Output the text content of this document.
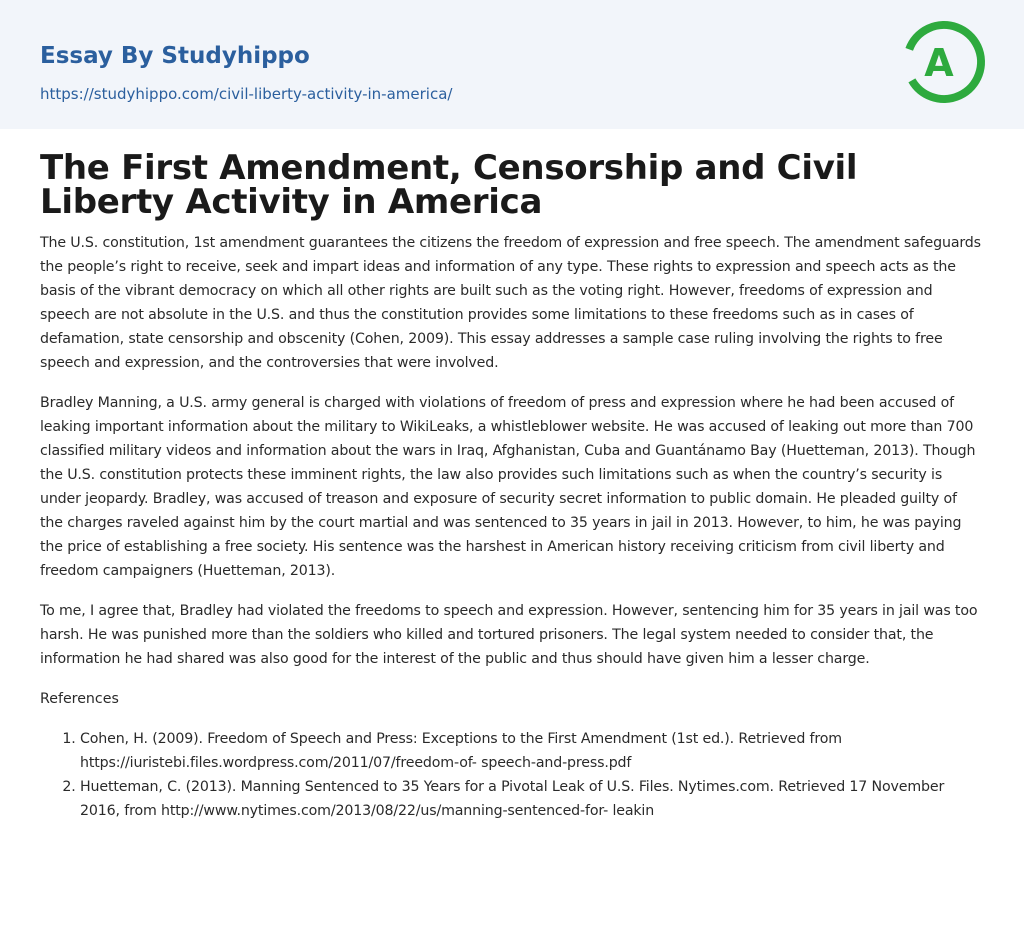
Essay By Studyhippo
https://studyhippo.com/civil-liberty-activity-in-america/
A
The First Amendment, Censorship and Civil Liberty Activity in America

The U.S. constitution, 1st amendment guarantees the citizens the freedom of expression and free speech. The amendment safeguards the people’s right to receive, seek and impart ideas and information of any type. These rights to expression and speech acts as the basis of the vibrant democracy on which all other rights are built such as the voting right. However, freedoms of expression and speech are not absolute in the U.S. and thus the constitution provides some limitations to these freedoms such as in cases of defamation, state censorship and obscenity (Cohen, 2009). This essay addresses a sample case ruling involving the rights to free speech and expression, and the controversies that were involved.

Bradley Manning, a U.S. army general is charged with violations of freedom of press and expression where he had been accused of leaking important information about the military to WikiLeaks, a whistleblower website. He was accused of leaking out more than 700 classified military videos and information about the wars in Iraq, Afghanistan, Cuba and Guantánamo Bay (Huetteman, 2013). Though the U.S. constitution protects these imminent rights, the law also provides such limitations such as when the country’s security is under jeopardy. Bradley, was accused of treason and exposure of security secret information to public domain. He pleaded guilty of the charges raveled against him by the court martial and was sentenced to 35 years in jail in 2013. However, to him, he was paying the price of establishing a free society. His sentence was the harshest in American history receiving criticism from civil liberty and freedom campaigners (Huetteman, 2013).

To me, I agree that, Bradley had violated the freedoms to speech and expression. However, sentencing him for 35 years in jail was too harsh. He was punished more than the soldiers who killed and tortured prisoners. The legal system needed to consider that, the information he had shared was also good for the interest of the public and thus should have given him a lesser charge.

References

1. Cohen, H. (2009). Freedom of Speech and Press: Exceptions to the First Amendment (1st ed.). Retrieved from https://iuristebi.files.wordpress.com/2011/07/freedom-of- speech-and-press.pdf
2. Huetteman, C. (2013). Manning Sentenced to 35 Years for a Pivotal Leak of U.S. Files. Nytimes.com. Retrieved 17 November 2016, from http://www.nytimes.com/2013/08/22/us/manning-sentenced-for- leakin
